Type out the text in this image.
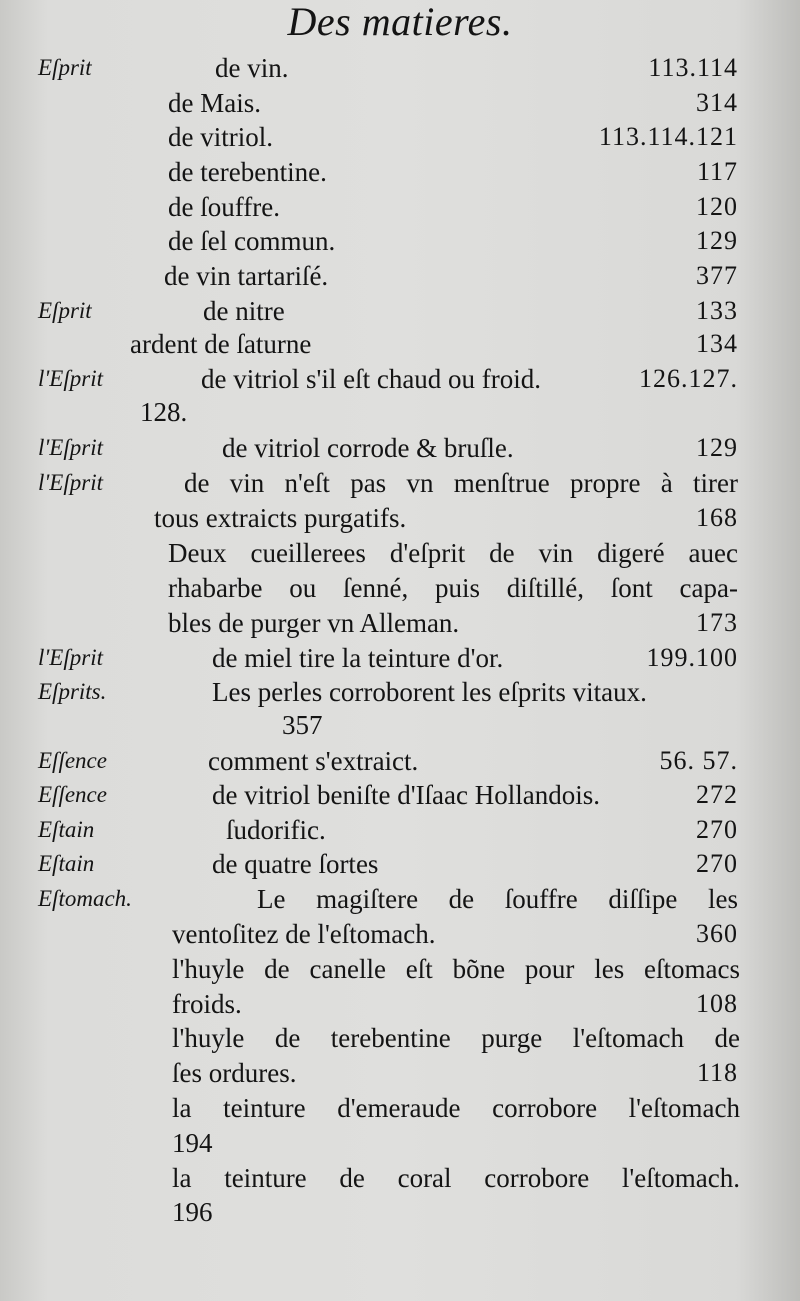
Des matieres.
Eſprit	de vin.	113.114
de Mais.	314
de vitriol.	113.114.121
de terebentine.	117
de ſouffre.	120
de ſel commun.	129
de vin tartariſé.	377
Eſprit	de nitre	133
ardent de ſaturne	134
l'Eſprit	de vitriol s'il eſt chaud ou froid.	126.127.
128.
l'Eſprit	de vitriol corrode & bruſle.	129
l'Eſprit	de vin n'eſt pas vn menſtrue propre à tirer
tous extraicts purgatifs.	168
Deux cueillerees d'eſprit de vin digeré auec
rhabarbe ou ſenné, puis diſtillé, ſont capa-
bles de purger vn Alleman.	173
l'Eſprit	de miel tire la teinture d'or.	199.100
Eſprits.	Les perles corroborent les eſprits vitaux.
357
Eſſence	comment s'extraict.	56. 57.
Eſſence	de vitriol beniſte d'Iſaac Hollandois.	272
Eſtain	ſudorific.	270
Eſtain	de quatre ſortes	270
Eſtomach.	Le magiſtere de ſouffre diſſipe les
ventoſitez de l'eſtomach.	360
l'huyle de canelle eſt bõne pour les eſtomacs
froids.	108
l'huyle de terebentine purge l'eſtomach de
ſes ordures.	118
la teinture d'emeraude corrobore l'eſtomach
194
la teinture de coral corrobore l'eſtomach.
196
